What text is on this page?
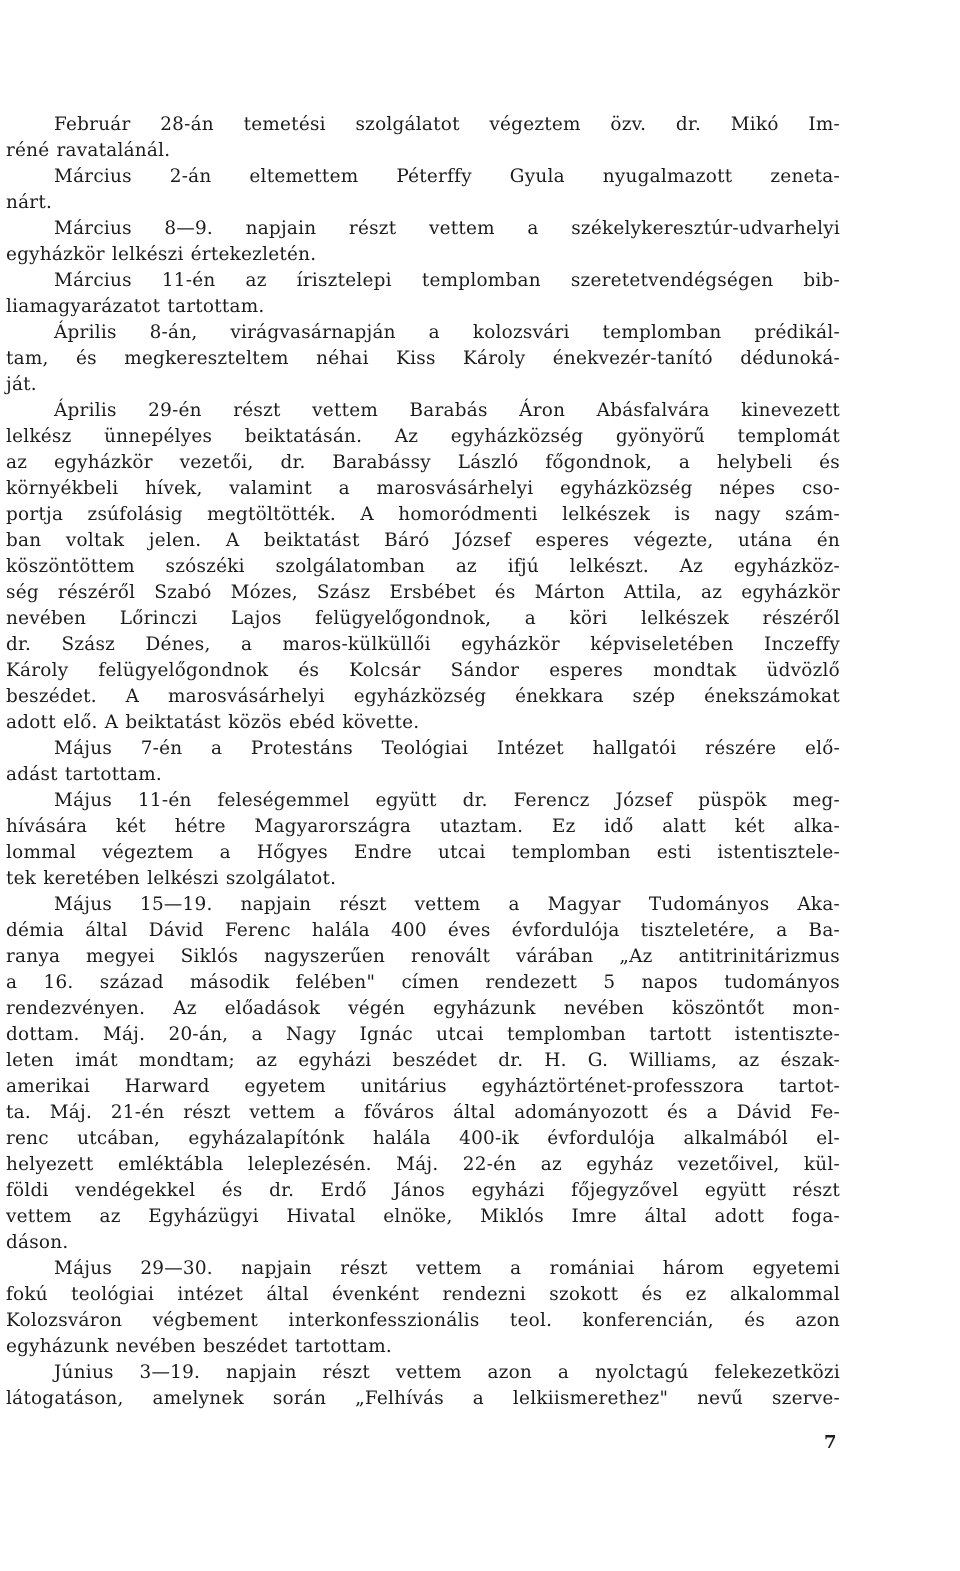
Február 28-án temetési szolgálatot végeztem özv. dr. Mikó Im-
réné ravatalánál.
Március 2-án eltemettem Péterffy Gyula nyugalmazott zeneta-
nárt.
Március 8—9. napjain részt vettem a székelykeresztúr-udvarhelyi
egyházkör lelkészi értekezletén.
Március 11-én az írisztelepi templomban szeretetvendégségen bib-
liamagyarázatot tartottam.
Április 8-án, virágvasárnapján a kolozsvári templomban prédikál-
tam, és megkereszteltem néhai Kiss Károly énekvezér-tanító dédunoká-
ját.
Április 29-én részt vettem Barabás Áron Abásfalvára kinevezett
lelkész ünnepélyes beiktatásán. Az egyházközség gyönyörű templomát
az egyházkör vezetői, dr. Barabássy László főgondnok, a helybeli és
környékbeli hívek, valamint a marosvásárhelyi egyházközség népes cso-
portja zsúfolásig megtöltötték. A homoródmenti lelkészek is nagy szám-
ban voltak jelen. A beiktatást Báró József esperes végezte, utána én
köszöntöttem szószéki szolgálatomban az ifjú lelkészt. Az egyházköz-
ség részéről Szabó Mózes, Szász Ersbébet és Márton Attila, az egyházkör
nevében Lőrinczi Lajos felügyelőgondnok, a köri lelkészek részéről
dr. Szász Dénes, a maros-külküllői egyházkör képviseletében Inczeffy
Károly felügyelőgondnok és Kolcsár Sándor esperes mondtak üdvözlő
beszédet. A marosvásárhelyi egyházközség énekkara szép énekszámokat
adott elő. A beiktatást közös ebéd követte.
Május 7-én a Protestáns Teológiai Intézet hallgatói részére elő-
adást tartottam.
Május 11-én feleségemmel együtt dr. Ferencz József püspök meg-
hívására két hétre Magyarországra utaztam. Ez idő alatt két alka-
lommal végeztem a Hőgyes Endre utcai templomban esti istentisztele-
tek keretében lelkészi szolgálatot.
Május 15—19. napjain részt vettem a Magyar Tudományos Aka-
démia által Dávid Ferenc halála 400 éves évfordulója tiszteletére, a Ba-
ranya megyei Siklós nagyszerűen renovált várában „Az antitrinitárizmus
a 16. század második felében" címen rendezett 5 napos tudományos
rendezvényen. Az előadások végén egyházunk nevében köszöntőt mon-
dottam. Máj. 20-án, a Nagy Ignác utcai templomban tartott istentiszte-
leten imát mondtam; az egyházi beszédet dr. H. G. Williams, az észak-
amerikai Harward egyetem unitárius egyháztörténet-professzora tartot-
ta. Máj. 21-én részt vettem a főváros által adományozott és a Dávid Fe-
renc utcában, egyházalapítónk halála 400-ik évfordulója alkalmából el-
helyezett emléktábla leleplezésén. Máj. 22-én az egyház vezetőivel, kül-
földi vendégekkel és dr. Erdő János egyházi főjegyzővel együtt részt
vettem az Egyházügyi Hivatal elnöke, Miklós Imre által adott foga-
dáson.
Május 29—30. napjain részt vettem a romániai három egyetemi
fokú teológiai intézet által évenként rendezni szokott és ez alkalommal
Kolozsváron végbement interkonfesszionális teol. konferencián, és azon
egyházunk nevében beszédet tartottam.
Június 3—19. napjain részt vettem azon a nyolctagú felekezetközi
látogatáson, amelynek során „Felhívás a lelkiismerethez" nevű szerve-
7
